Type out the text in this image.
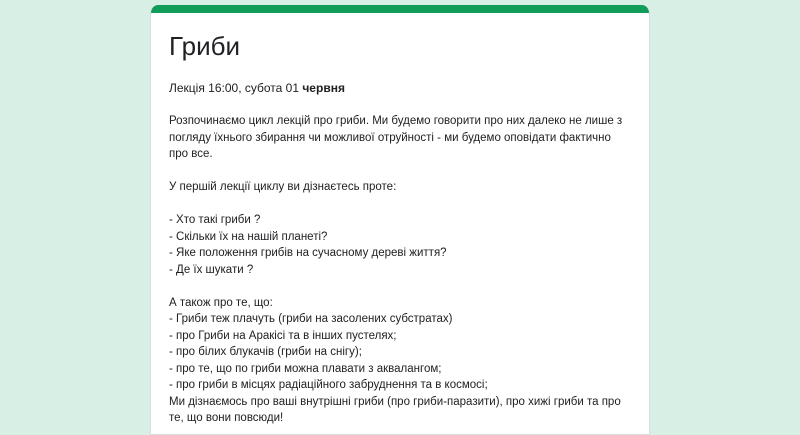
Гриби
Лекція 16:00, субота 01 червня
Розпочинаємо цикл лекцій про гриби. Ми будемо говорити про них далеко не лише з погляду їхнього збирання чи можливої отруйності - ми будемо оповідати фактично про все.
У першій лекції циклу ви дізнаєтесь проте:
- Хто такі гриби ?
- Скільки їх на нашій планеті?
- Яке положення грибів на сучасному дереві життя?
- Де їх шукати ?
А також про те, що:
- Гриби теж плачуть (гриби на засолених субстратах)
- про Гриби на Аракісі та в інших пустелях;
- про білих блукачів (гриби на снігу);
- про те, що по гриби можна плавати з аквалангом;
- про гриби в місцях радіаційного забруднення та в космосі;
Ми дізнаємось про ваші внутрішні гриби (про гриби-паразити), про хижі гриби та про те, що вони повсюди!
